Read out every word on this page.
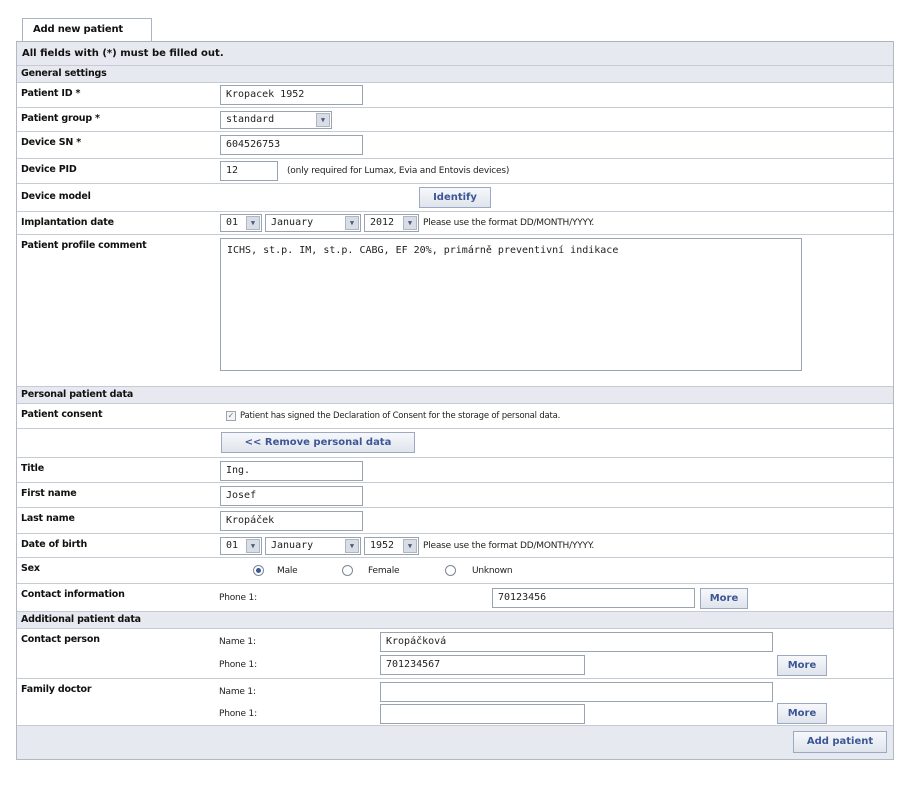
Add new patient
All fields with (*) must be filled out.
General settings
Patient ID *	Kropacek 1952
Patient group *	standard	▼
Device SN *	604526753
Device PID	12	(only required for Lumax, Evia and Entovis devices)
Device model	Identify
Implantation date	01	▼	January	▼	2012	▼	Please use the format DD/MONTH/YYYY.
Patient profile comment	ICHS, st.p. IM, st.p. CABG, EF 20%, primárně preventivní indikace
Personal patient data
Patient consent	✓ Patient has signed the Declaration of Consent for the storage of personal data.
<< Remove personal data
Title	Ing.
First name	Josef
Last name	Kropáček
Date of birth	01	▼	January	▼	1952	▼	Please use the format DD/MONTH/YYYY.
Sex	Male	Female	Unknown
Contact information	Phone 1:	70123456	More
Additional patient data
Contact person	Name 1:	Kropáčková
Phone 1:	701234567	More
Family doctor	Name 1:
Phone 1:	More
Add patient
